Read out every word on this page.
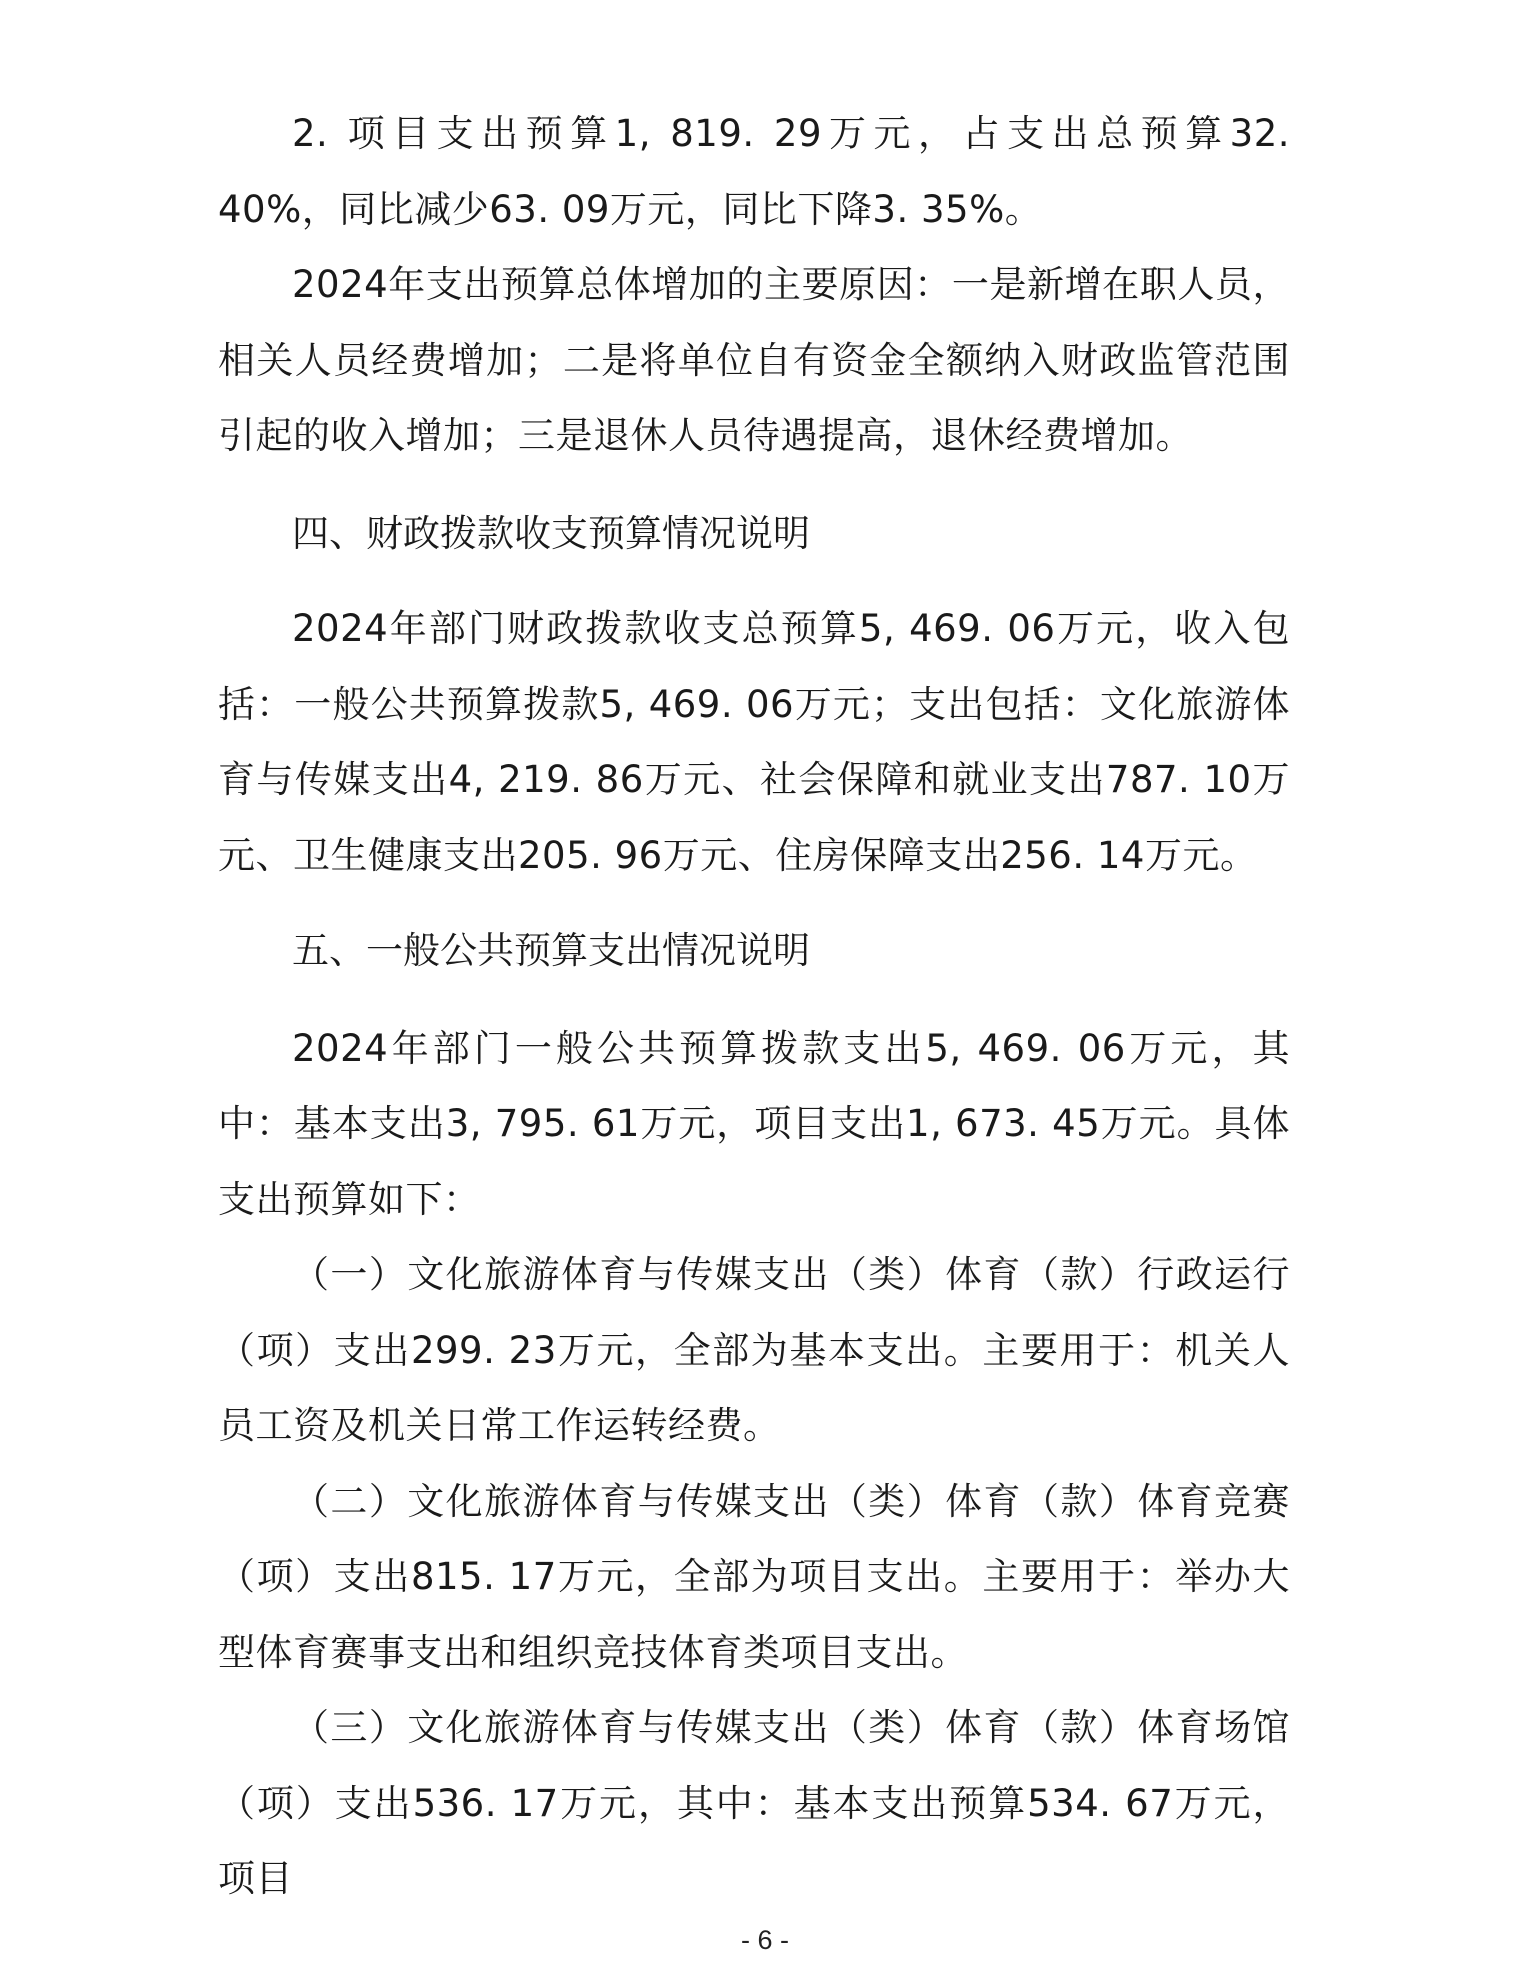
2. 项目支出预算1, 819. 29万元，占支出总预算32. 40%，同比减少63. 09万元，同比下降3. 35%。

2024年支出预算总体增加的主要原因：一是新增在职人员，相关人员经费增加；二是将单位自有资金全额纳入财政监管范围引起的收入增加；三是退休人员待遇提高，退休经费增加。

四、财政拨款收支预算情况说明

2024年部门财政拨款收支总预算5, 469. 06万元，收入包括：一般公共预算拨款5, 469. 06万元；支出包括：文化旅游体育与传媒支出4, 219. 86万元、社会保障和就业支出787. 10万元、卫生健康支出205. 96万元、住房保障支出256. 14万元。

五、一般公共预算支出情况说明

2024年部门一般公共预算拨款支出5, 469. 06万元，其中：基本支出3, 795. 61万元，项目支出1, 673. 45万元。具体支出预算如下：

（一）文化旅游体育与传媒支出（类）体育（款）行政运行（项）支出299. 23万元，全部为基本支出。主要用于：机关人员工资及机关日常工作运转经费。

（二）文化旅游体育与传媒支出（类）体育（款）体育竞赛（项）支出815. 17万元，全部为项目支出。主要用于：举办大型体育赛事支出和组织竞技体育类项目支出。

（三）文化旅游体育与传媒支出（类）体育（款）体育场馆（项）支出536. 17万元，其中：基本支出预算534. 67万元，项目

- 6 -
